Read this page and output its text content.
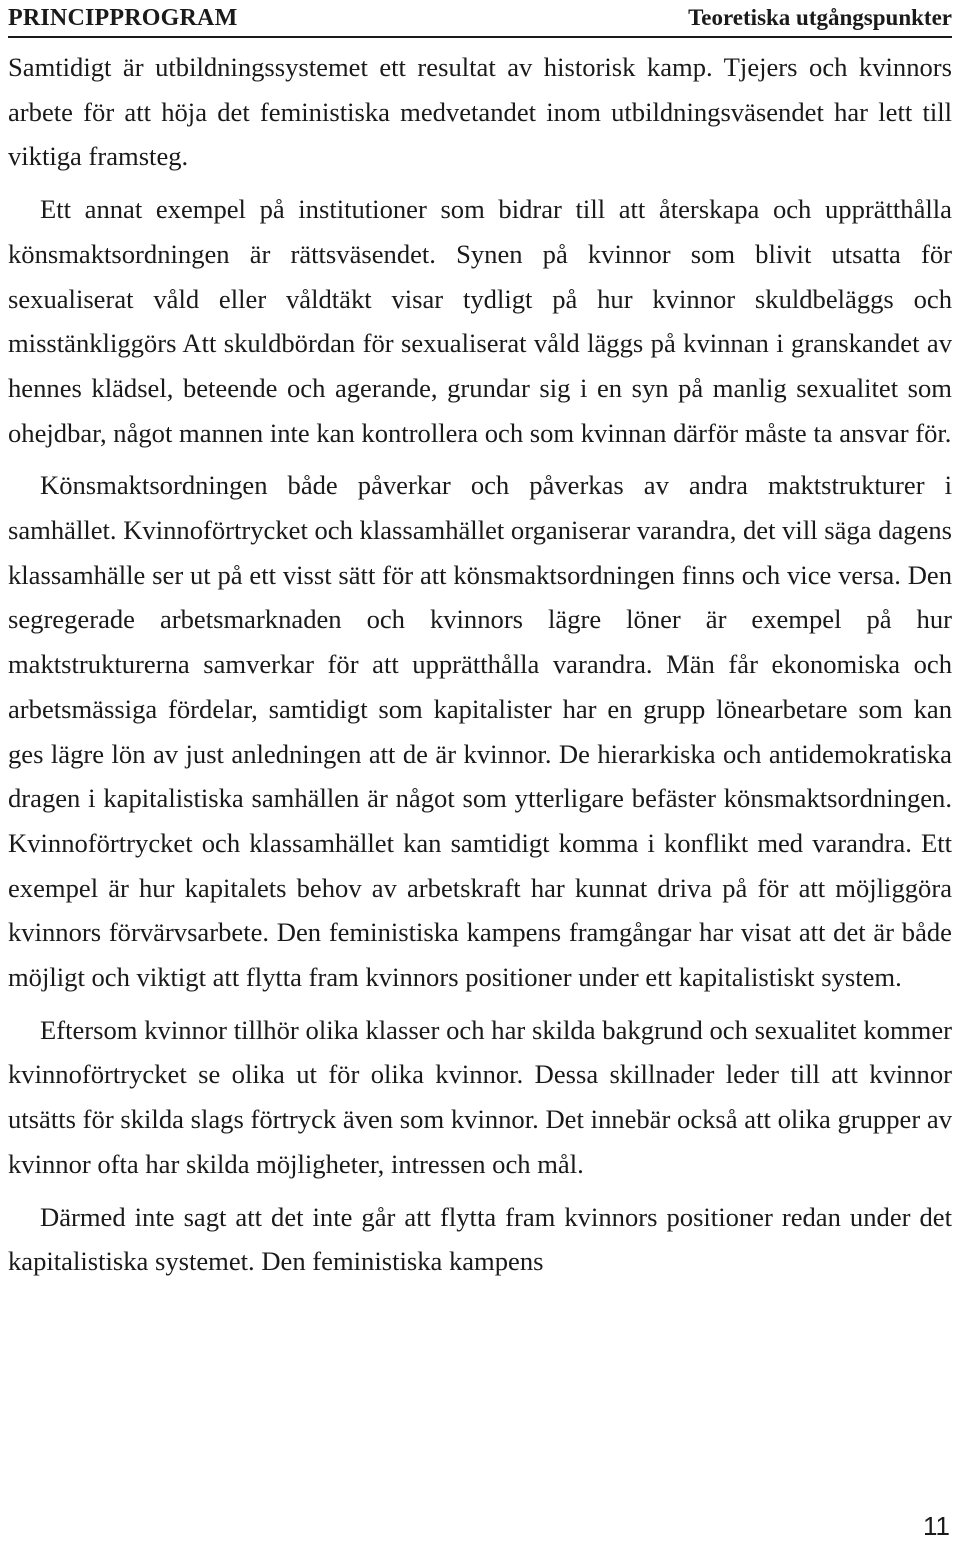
PRINCIPPROGRAM	Teoretiska utgångspunkter

Samtidigt är utbildningssystemet ett resultat av historisk kamp. Tjejers och kvinnors arbete för att höja det feministiska medvetandet inom utbildningsväsendet har lett till viktiga framsteg.

Ett annat exempel på institutioner som bidrar till att återskapa och upprätthålla könsmaktsordningen är rättsväsendet. Synen på kvinnor som blivit utsatta för sexualiserat våld eller våldtäkt visar tydligt på hur kvinnor skuldbeläggs och misstänkliggörs Att skuldbördan för sexualiserat våld läggs på kvinnan i granskandet av hennes klädsel, beteende och agerande, grundar sig i en syn på manlig sexualitet som ohejdbar, något mannen inte kan kontrollera och som kvinnan därför måste ta ansvar för.

Könsmaktsordningen både påverkar och påverkas av andra maktstrukturer i samhället. Kvinnoförtrycket och klassamhället organiserar varandra, det vill säga dagens klassamhälle ser ut på ett visst sätt för att könsmaktsordningen finns och vice versa. Den segregerade arbetsmarknaden och kvinnors lägre löner är exempel på hur maktstrukturerna samverkar för att upprätthålla varandra. Män får ekonomiska och arbetsmässiga fördelar, samtidigt som kapitalister har en grupp lönearbetare som kan ges lägre lön av just anledningen att de är kvinnor. De hierarkiska och antidemokratiska dragen i kapitalistiska samhällen är något som ytterligare befäster könsmaktsordningen. Kvinnoförtrycket och klassamhället kan samtidigt komma i konflikt med varandra. Ett exempel är hur kapitalets behov av arbetskraft har kunnat driva på för att möjliggöra kvinnors förvärvsarbete. Den feministiska kampens framgångar har visat att det är både möjligt och viktigt att flytta fram kvinnors positioner under ett kapitalistiskt system.

Eftersom kvinnor tillhör olika klasser och har skilda bakgrund och sexualitet kommer kvinnoförtrycket se olika ut för olika kvinnor. Dessa skillnader leder till att kvinnor utsätts för skilda slags förtryck även som kvinnor. Det innebär också att olika grupper av kvinnor ofta har skilda möjligheter, intressen och mål.

Därmed inte sagt att det inte går att flytta fram kvinnors positioner redan under det kapitalistiska systemet. Den feministiska kampens

11
